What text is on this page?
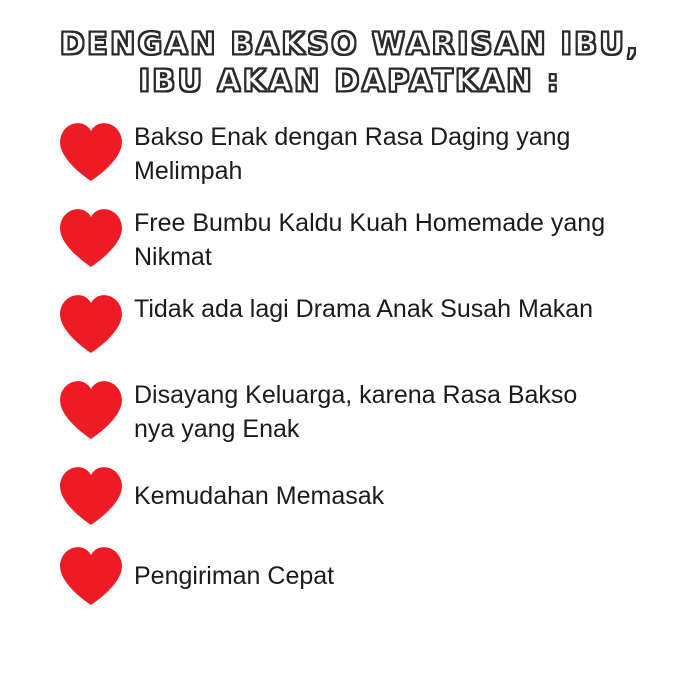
DENGAN BAKSO WARISAN IBU,
IBU AKAN DAPATKAN :
Bakso Enak dengan Rasa Daging yang Melimpah
Free Bumbu Kaldu Kuah Homemade yang Nikmat
Tidak ada lagi Drama Anak Susah Makan
Disayang Keluarga, karena Rasa Bakso nya yang Enak
Kemudahan Memasak
Pengiriman Cepat
